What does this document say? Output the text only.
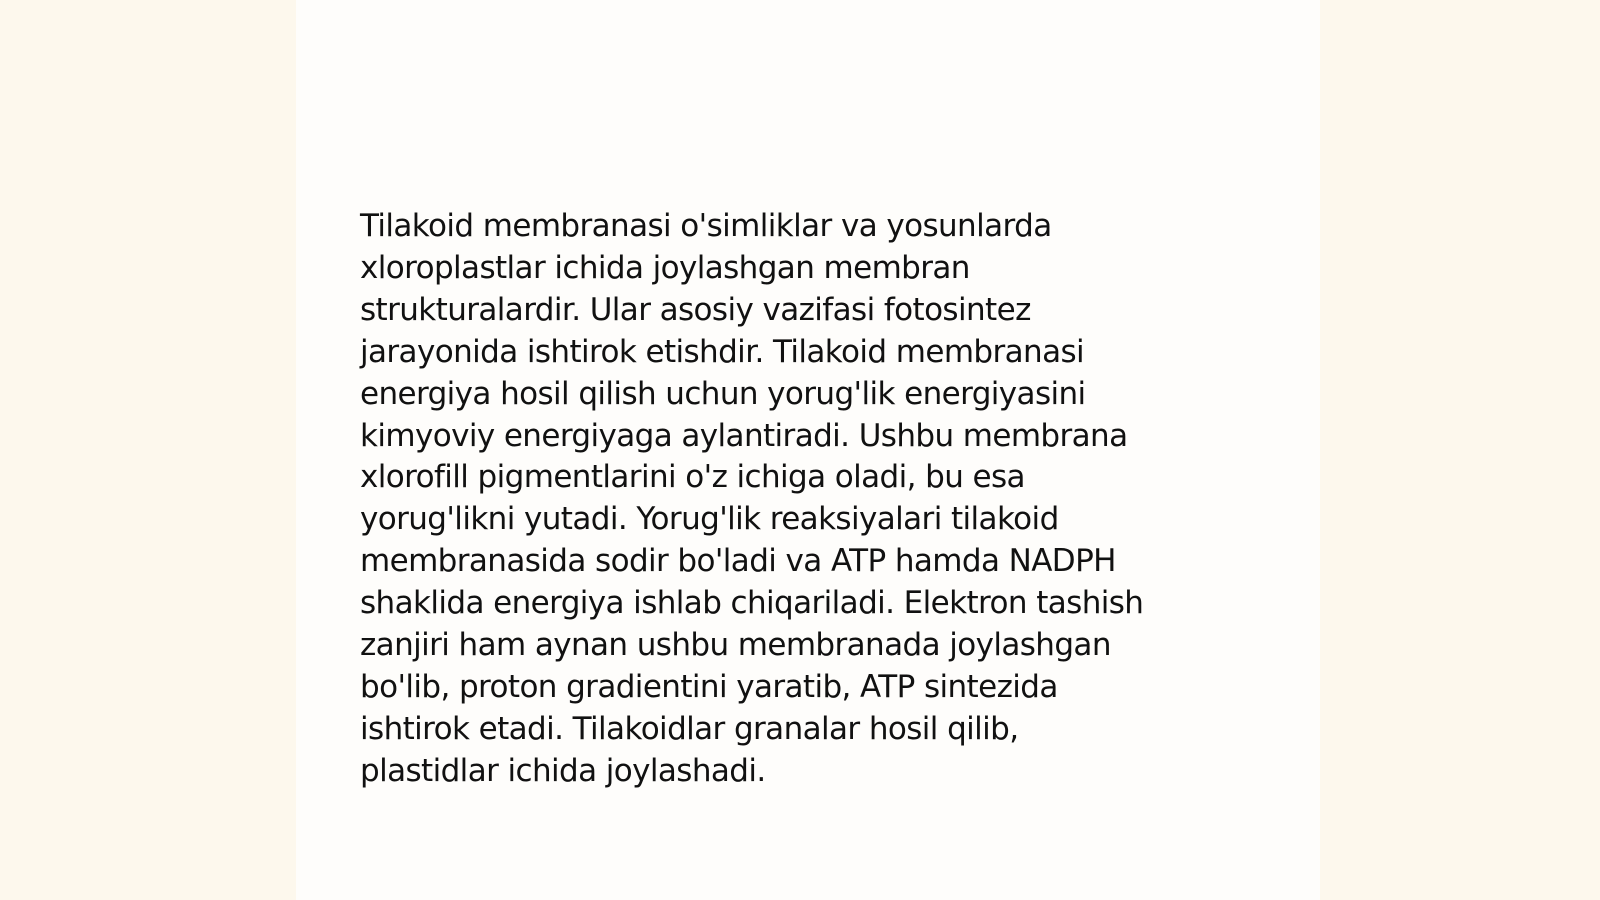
Tilakoid membranasi o'simliklar va yosunlarda
xloroplastlar ichida joylashgan membran
strukturalardir. Ular asosiy vazifasi fotosintez
jarayonida ishtirok etishdir. Tilakoid membranasi
energiya hosil qilish uchun yorug'lik energiyasini
kimyoviy energiyaga aylantiradi. Ushbu membrana
xlorofill pigmentlarini o'z ichiga oladi, bu esa
yorug'likni yutadi. Yorug'lik reaksiyalari tilakoid
membranasida sodir bo'ladi va ATP hamda NADPH
shaklida energiya ishlab chiqariladi. Elektron tashish
zanjiri ham aynan ushbu membranada joylashgan
bo'lib, proton gradientini yaratib, ATP sintezida
ishtirok etadi. Tilakoidlar granalar hosil qilib,
plastidlar ichida joylashadi.
